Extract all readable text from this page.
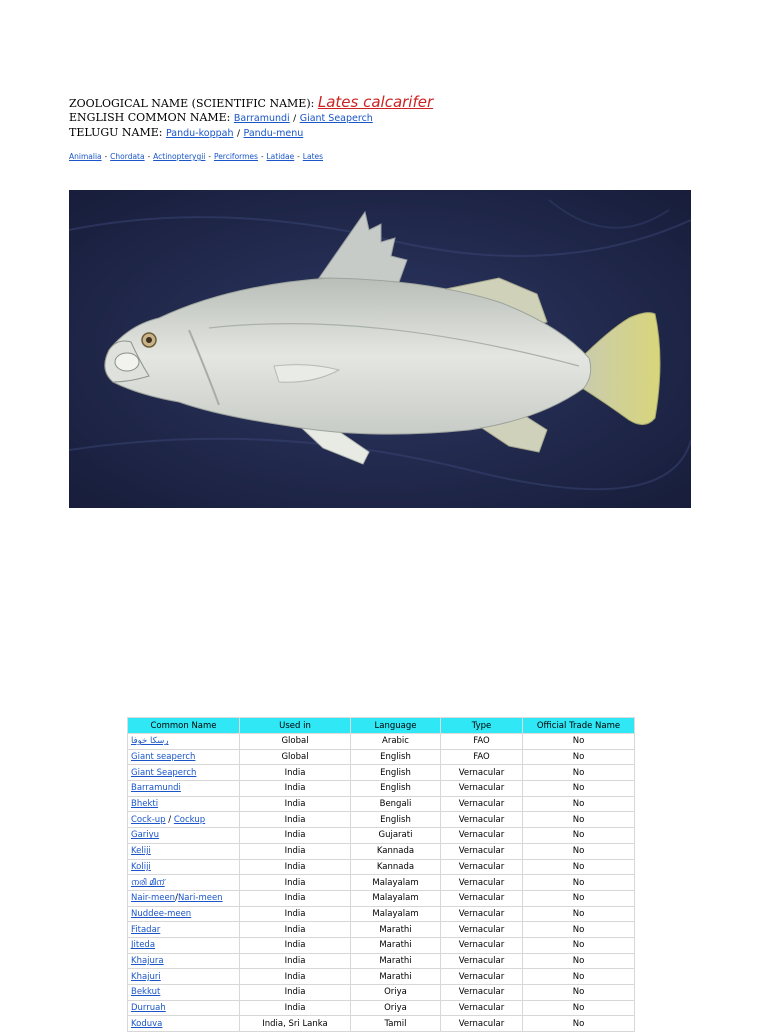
ZOOLOGICAL NAME (SCIENTIFIC NAME): Lates calcarifer
ENGLISH COMMON NAME: Barramundi / Giant Seaperch
TELUGU NAME: Pandu-koppah / Pandu-menu
Animalia - Chordata - Actinopterygii - Perciformes - Latidae - Lates
Common Name	Used in	Language	Type	Official Trade Name
ﺭﺳﻜﺎ ﺧﻮﻓﺎ	Global	Arabic	FAO	No
Giant seaperch	Global	English	FAO	No
Giant Seaperch	India	English	Vernacular	No
Barramundi	India	English	Vernacular	No
Bhekti	India	Bengali	Vernacular	No
Cock-up / Cockup	India	English	Vernacular	No
Gariyu	India	Gujarati	Vernacular	No
Keliji	India	Kannada	Vernacular	No
Koliji	India	Kannada	Vernacular	No
നരി മീന്	India	Malayalam	Vernacular	No
Nair-meen/Nari-meen	India	Malayalam	Vernacular	No
Nuddee-meen	India	Malayalam	Vernacular	No
Fitadar	India	Marathi	Vernacular	No
Jiteda	India	Marathi	Vernacular	No
Khajura	India	Marathi	Vernacular	No
Khajuri	India	Marathi	Vernacular	No
Bekkut	India	Oriya	Vernacular	No
Durruah	India	Oriya	Vernacular	No
Koduva	India, Sri Lanka	Tamil	Vernacular	No
